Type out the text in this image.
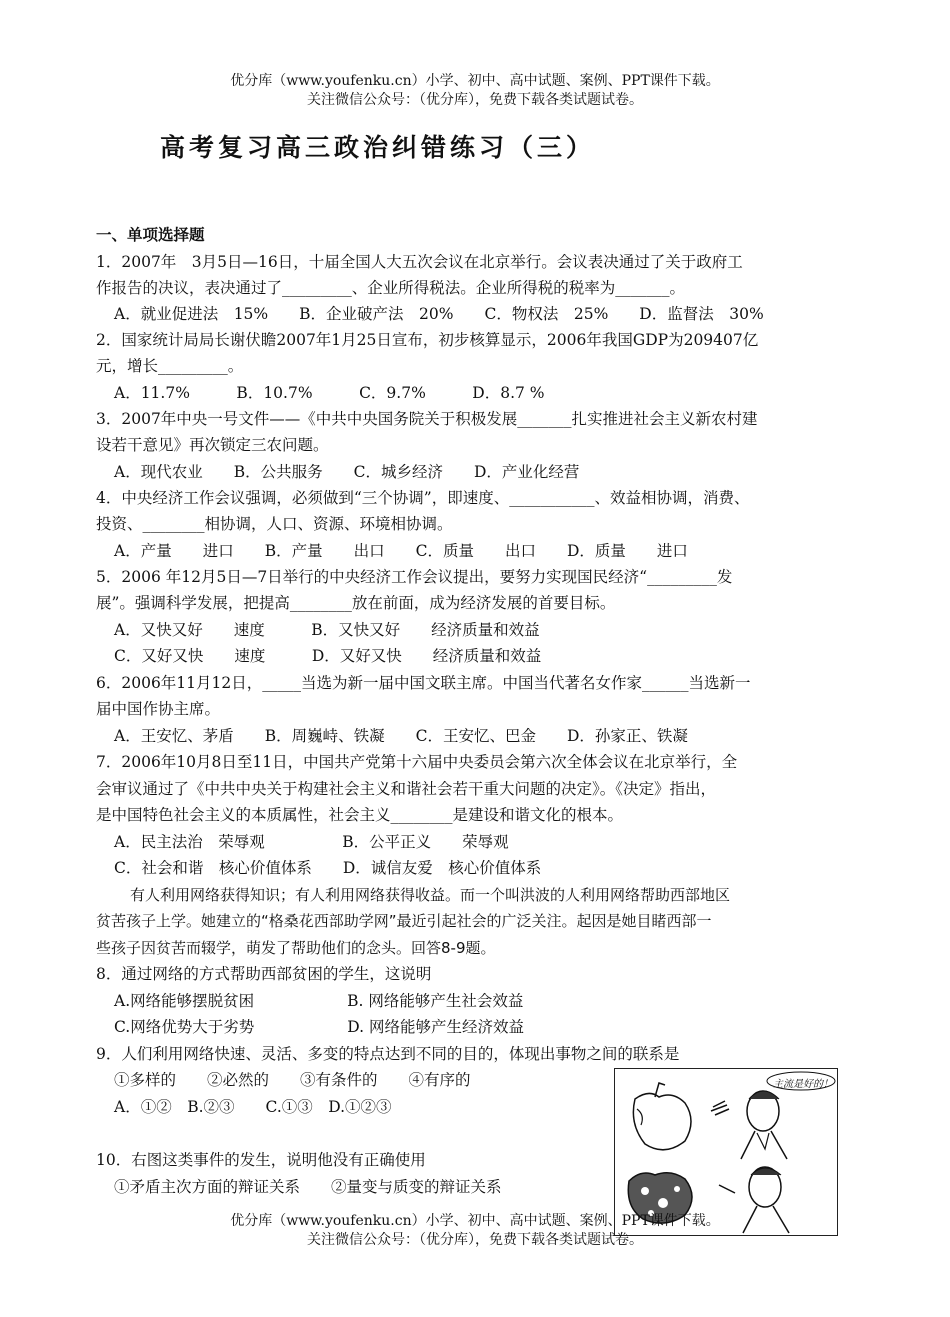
优分库（www.youfenku.cn）小学、初中、高中试题、案例、PPT课件下载。
关注微信公众号：（优分库），免费下载各类试题试卷。
高考复习高三政治纠错练习（三）
一、单项选择题
1．2007年　3月5日—16日，十届全国人大五次会议在北京举行。会议表决通过了关于政府工
作报告的决议，表决通过了_________、企业所得税法。企业所得税的税率为_______。
A．就业促进法　15%　　B．企业破产法　20%　　C．物权法　25%　　D．监督法　30%
2．国家统计局局长谢伏瞻2007年1月25日宣布，初步核算显示，2006年我国GDP为209407亿
元，增长_________。
A．11.7%　　　B．10.7%　　　C．9.7%　　　D．8.7 %
3．2007年中央一号文件——《中共中央国务院关于积极发展_______扎实推进社会主义新农村建
设若干意见》再次锁定三农问题。
A．现代农业　　B．公共服务　　C．城乡经济　　D．产业化经营
4．中央经济工作会议强调，必须做到“三个协调”，即速度、___________、效益相协调，消费、
投资、________相协调，人口、资源、环境相协调。
A．产量　　进口　　B．产量　　出口　　C．质量　　出口　　D．质量　　进口
5．2006 年12月5日—7日举行的中央经济工作会议提出，要努力实现国民经济“_________发
展”。强调科学发展，把提高________放在前面，成为经济发展的首要目标。
A．又快又好　　速度　　　B．又快又好　　经济质量和效益
C．又好又快　　速度　　　D．又好又快　　经济质量和效益
6．2006年11月12日，_____当选为新一届中国文联主席。中国当代著名女作家______当选新一
届中国作协主席。
A．王安忆、茅盾　　B．周巍峙、铁凝　　C．王安忆、巴金　　D．孙家正、铁凝
7．2006年10月8日至11日，中国共产党第十六届中央委员会第六次全体会议在北京举行，全
会审议通过了《中共中央关于构建社会主义和谐社会若干重大问题的决定》。《决定》指出，
是中国特色社会主义的本质属性，社会主义________是建设和谐文化的根本。
A．民主法治　荣辱观　　　　　B．公平正义　　荣辱观
C．社会和谐　核心价值体系　　D．诚信友爱　核心价值体系
有人利用网络获得知识；有人利用网络获得收益。而一个叫洪波的人利用网络帮助西部地区
贫苦孩子上学。她建立的“格桑花西部助学网”最近引起社会的广泛关注。起因是她目睹西部一
些孩子因贫苦而辍学，萌发了帮助他们的念头。回答8-9题。
8．通过网络的方式帮助西部贫困的学生，这说明
A.网络能够摆脱贫困　　　　　　B. 网络能够产生社会效益
C.网络优势大于劣势　　　　　　D. 网络能够产生经济效益
9．人们利用网络快速、灵活、多变的特点达到不同的目的，体现出事物之间的联系是
①多样的　　②必然的　　③有条件的　　④有序的
A．①②　B.②③　　C.①③　D.①②③
10．右图这类事件的发生，说明他没有正确使用
①矛盾主次方面的辩证关系　　②量变与质变的辩证关系
主流是好的！
优分库（www.youfenku.cn）小学、初中、高中试题、案例、PPT课件下载。
关注微信公众号：（优分库），免费下载各类试题试卷。
